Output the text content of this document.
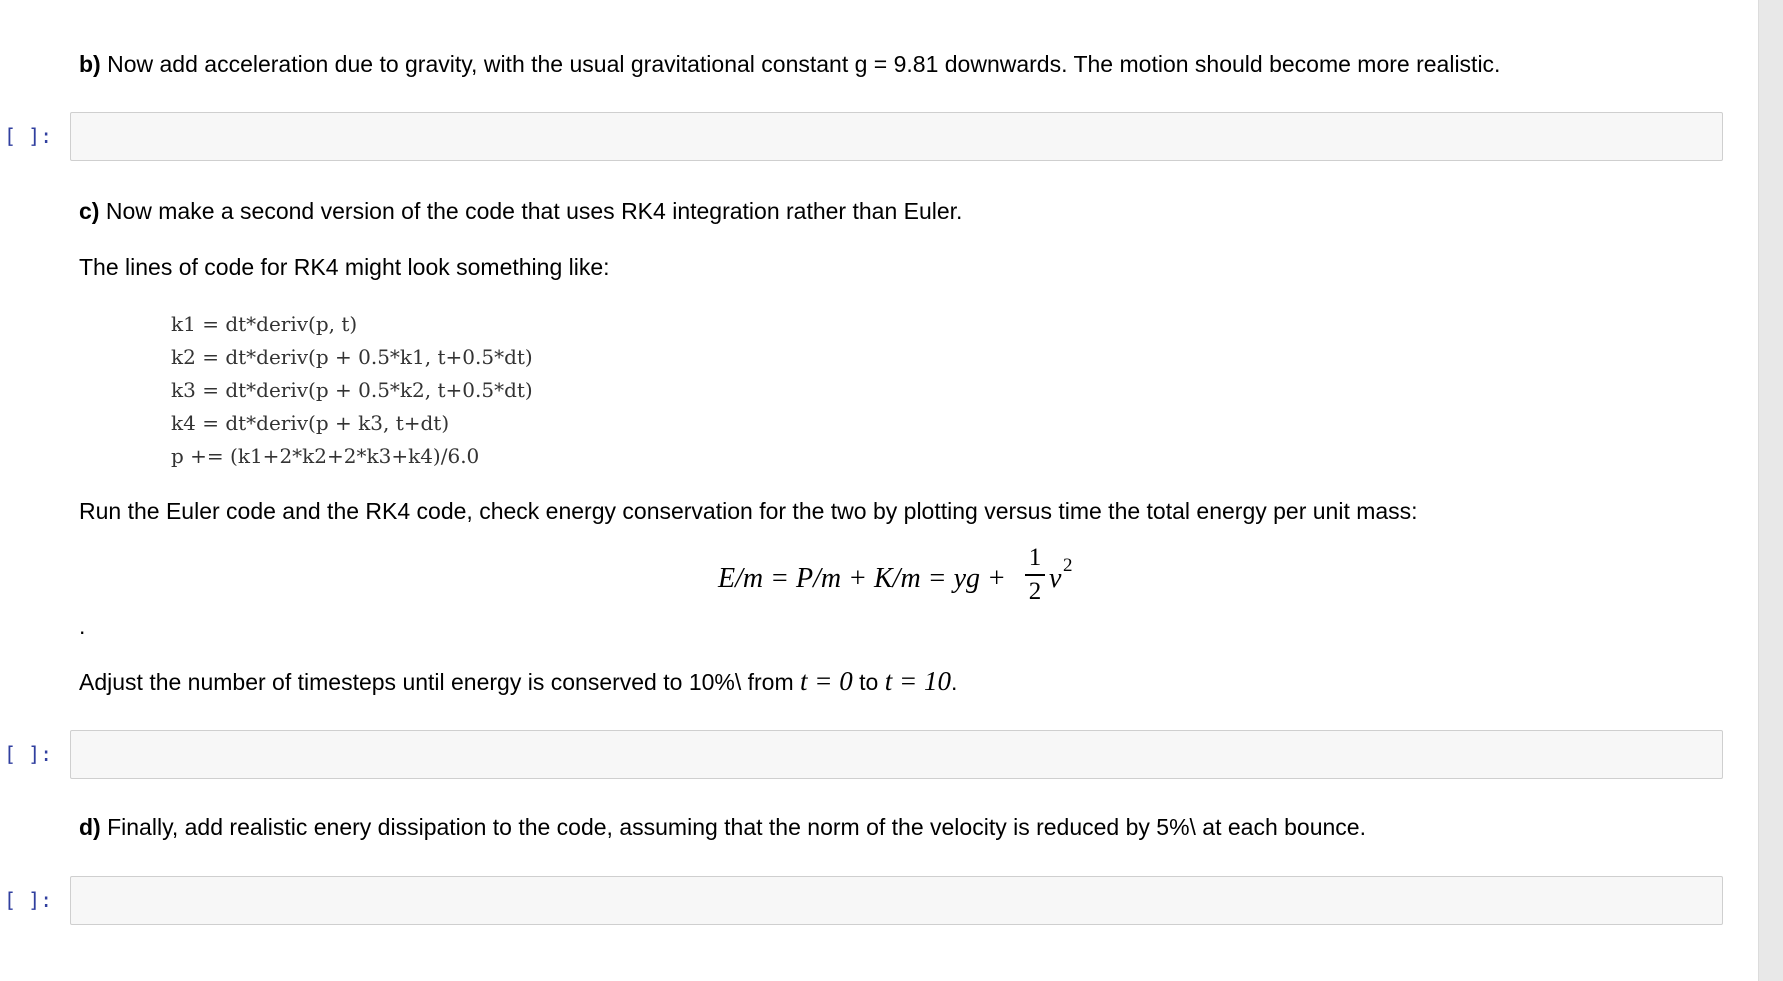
b) Now add acceleration due to gravity, with the usual gravitational constant g = 9.81 downwards. The motion should become more realistic.
[ ]:
c) Now make a second version of the code that uses RK4 integration rather than Euler.
The lines of code for RK4 might look something like:
k1 = dt*deriv(p, t)
k2 = dt*deriv(p + 0.5*k1, t+0.5*dt)
k3 = dt*deriv(p + 0.5*k2, t+0.5*dt)
k4 = dt*deriv(p + k3, t+dt)
p += (k1+2*k2+2*k3+k4)/6.0
Run the Euler code and the RK4 code, check energy conservation for the two by plotting versus time the total energy per unit mass:
E/m = P/m + K/m = yg +
1
2 v 2
.
Adjust the number of timesteps until energy is conserved to 10%\ from t = 0 to t = 10.
[ ]:
d) Finally, add realistic enery dissipation to the code, assuming that the norm of the velocity is reduced by 5%\ at each bounce.
[ ]:
